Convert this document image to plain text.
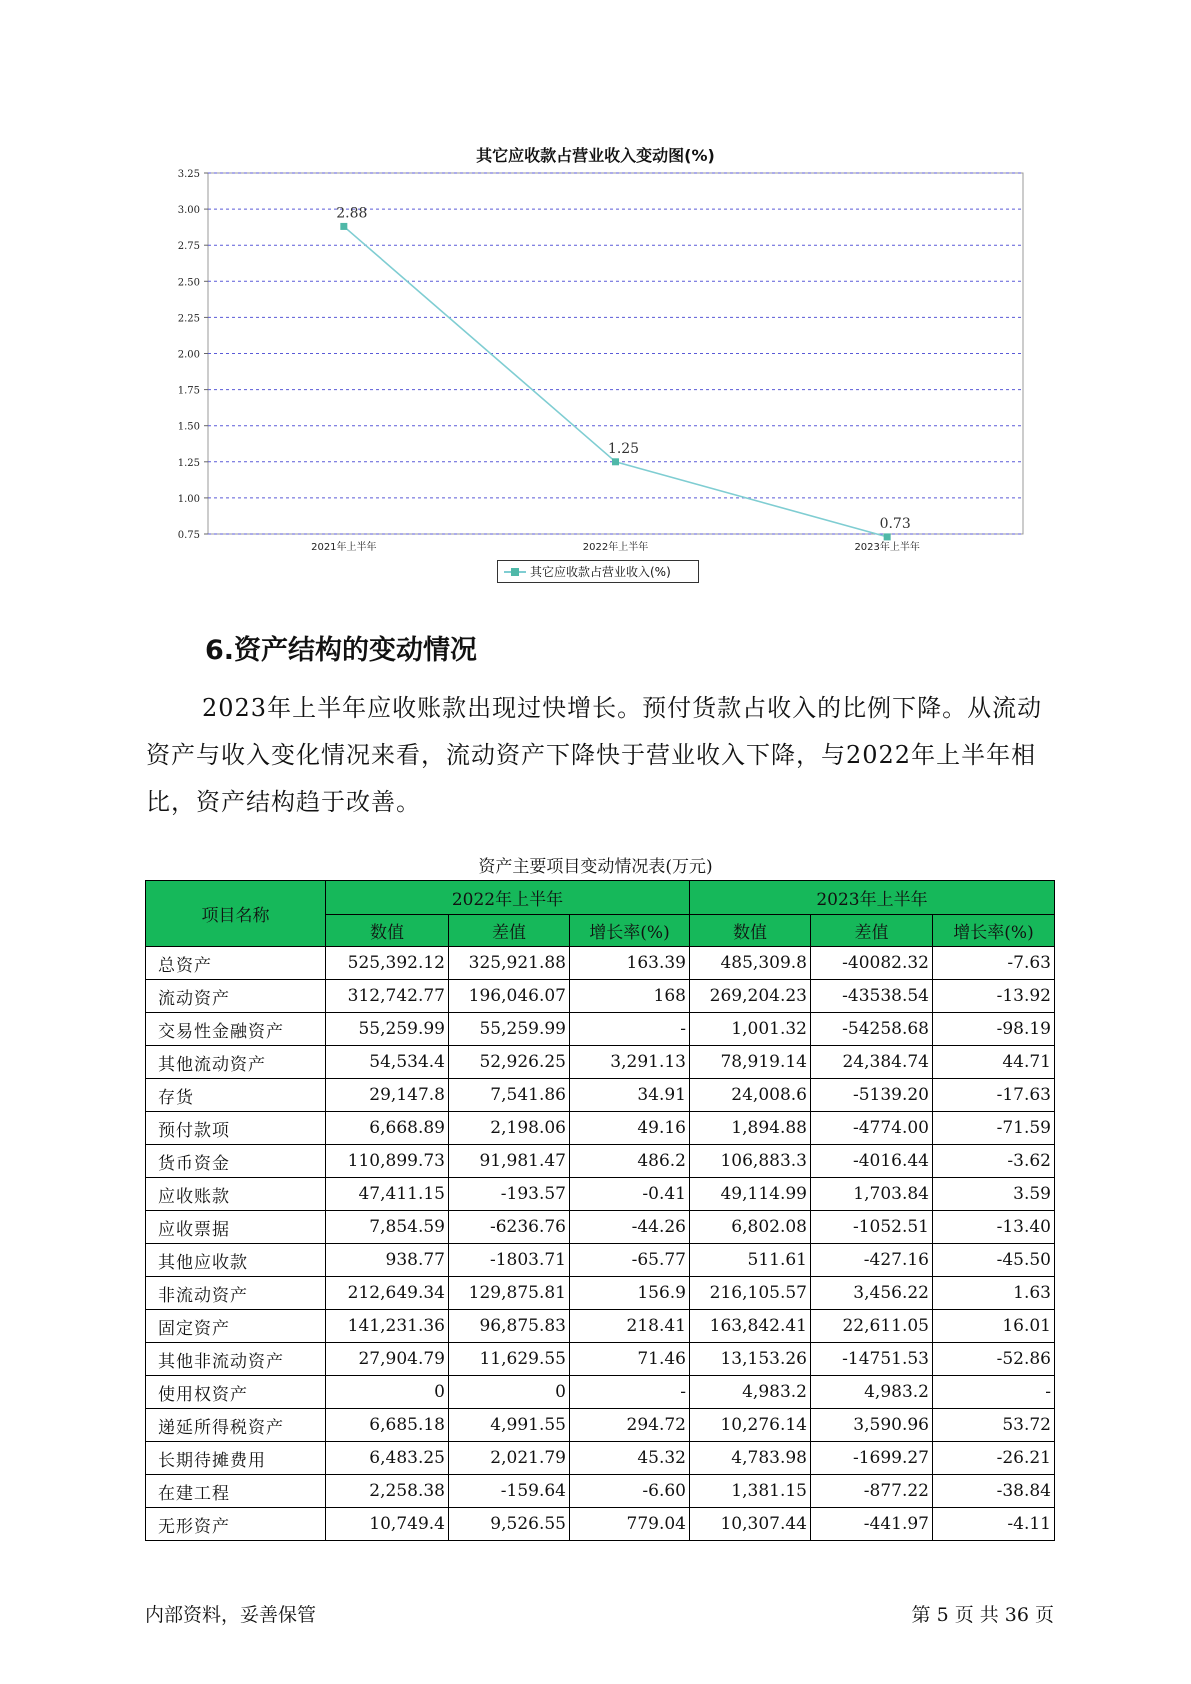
其它应收款占营业收入变动图(%)
0.75
1.00
1.25
1.50
1.75
2.00
2.25
2.50
2.75
3.00
3.25
2021年上半年	2022年上半年	2023年上半年
2.88
1.25
0.73
其它应收款占营业收入(%)
6.资产结构的变动情况
2023年上半年应收账款出现过快增长。预付货款占收入的比例下降。从流动资产与收入变化情况来看，流动资产下降快于营业收入下降，与2022年上半年相比，资产结构趋于改善。
资产主要项目变动情况表(万元)
项目名称	2022年上半年			2023年上半年		
	数值	差值	增长率(%)	数值	差值	增长率(%)
总资产	525,392.12	325,921.88	163.39	485,309.8	-40082.32	-7.63
流动资产	312,742.77	196,046.07	168	269,204.23	-43538.54	-13.92
交易性金融资产	55,259.99	55,259.99	-	1,001.32	-54258.68	-98.19
其他流动资产	54,534.4	52,926.25	3,291.13	78,919.14	24,384.74	44.71
存货	29,147.8	7,541.86	34.91	24,008.6	-5139.20	-17.63
预付款项	6,668.89	2,198.06	49.16	1,894.88	-4774.00	-71.59
货币资金	110,899.73	91,981.47	486.2	106,883.3	-4016.44	-3.62
应收账款	47,411.15	-193.57	-0.41	49,114.99	1,703.84	3.59
应收票据	7,854.59	-6236.76	-44.26	6,802.08	-1052.51	-13.40
其他应收款	938.77	-1803.71	-65.77	511.61	-427.16	-45.50
非流动资产	212,649.34	129,875.81	156.9	216,105.57	3,456.22	1.63
固定资产	141,231.36	96,875.83	218.41	163,842.41	22,611.05	16.01
其他非流动资产	27,904.79	11,629.55	71.46	13,153.26	-14751.53	-52.86
使用权资产	0	0	-	4,983.2	4,983.2	-
递延所得税资产	6,685.18	4,991.55	294.72	10,276.14	3,590.96	53.72
长期待摊费用	6,483.25	2,021.79	45.32	4,783.98	-1699.27	-26.21
在建工程	2,258.38	-159.64	-6.60	1,381.15	-877.22	-38.84
无形资产	10,749.4	9,526.55	779.04	10,307.44	-441.97	-4.11
内部资料，妥善保管	第 5 页 共 36 页
